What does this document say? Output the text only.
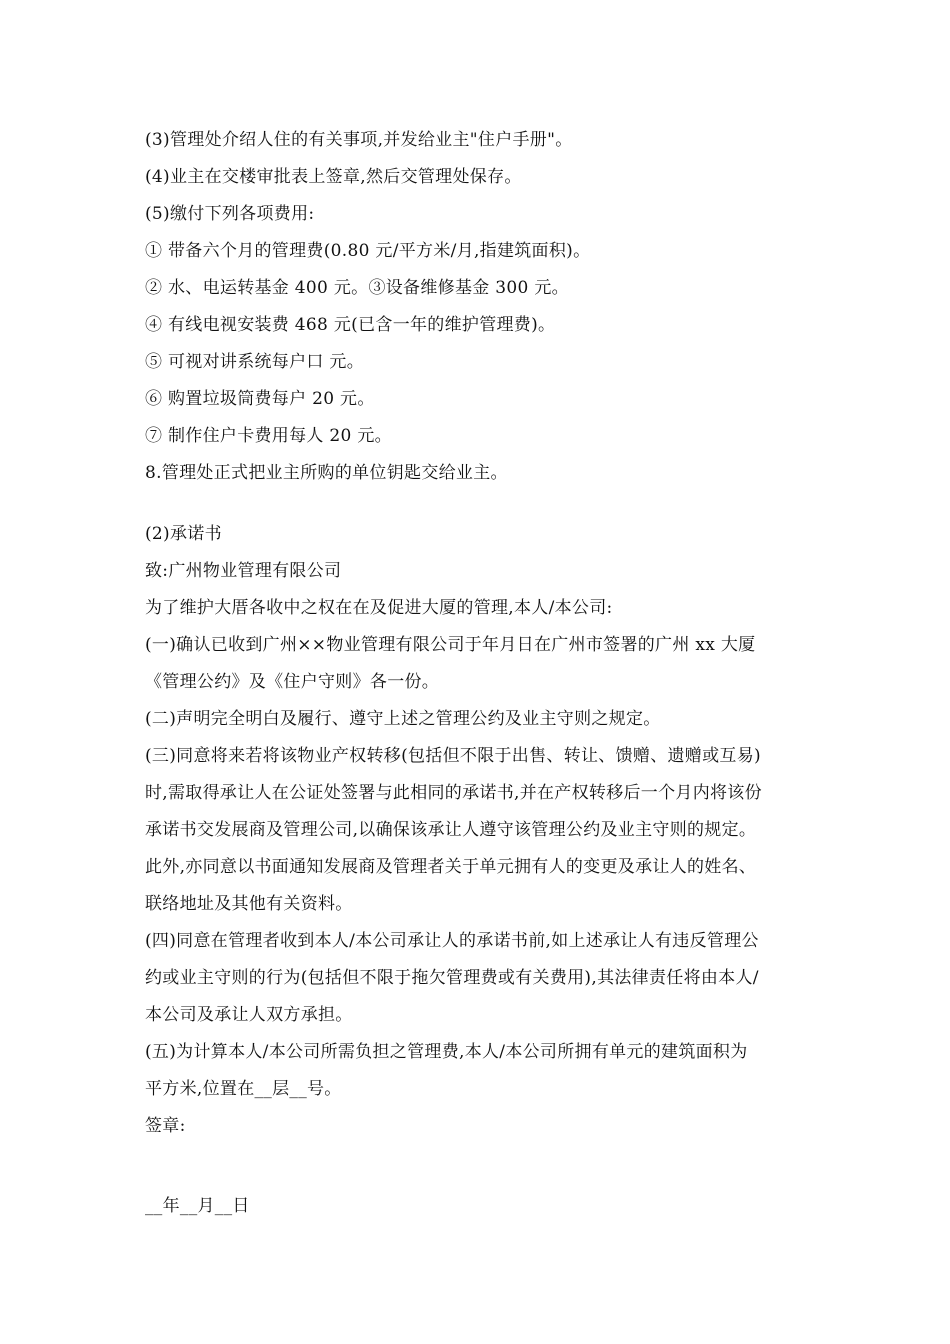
(3)管理处介绍人住的有关事项,并发给业主"住户手册"。
(4)业主在交楼审批表上签章,然后交管理处保存。
(5)缴付下列各项费用:
① 带备六个月的管理费(0.80 元/平方米/月,指建筑面积)。
② 水、电运转基金 400 元。③设备维修基金 300 元。
④ 有线电视安装费 468 元(已含一年的维护管理费)。
⑤ 可视对讲系统每户口 元。
⑥ 购置垃圾筒费每户 20 元。
⑦ 制作住户卡费用每人 20 元。
8.管理处正式把业主所购的单位钥匙交给业主。
(2)承诺书
致:广州物业管理有限公司
为了维护大厝各收中之权在在及促进大厦的管理,本人/本公司:
(一)确认已收到广州××物业管理有限公司于年月日在广州市签署的广州 xx 大厦
《管理公约》及《住户守则》各一份。
(二)声明完全明白及履行、遵守上述之管理公约及业主守则之规定。
(三)同意将来若将该物业产权转移(包括但不限于出售、转让、馈赠、遗赠或互易)
时,需取得承让人在公证处签署与此相同的承诺书,并在产权转移后一个月内将该份
承诺书交发展商及管理公司,以确保该承让人遵守该管理公约及业主守则的规定。
此外,亦同意以书面通知发展商及管理者关于单元拥有人的变更及承让人的姓名、
联络地址及其他有关资料。
(四)同意在管理者收到本人/本公司承让人的承诺书前,如上述承让人有违反管理公
约或业主守则的行为(包括但不限于拖欠管理费或有关费用),其法律责任将由本人/
本公司及承让人双方承担。
(五)为计算本人/本公司所需负担之管理费,本人/本公司所拥有单元的建筑面积为
平方米,位置在__层__号。
签章:
__年__月__日
